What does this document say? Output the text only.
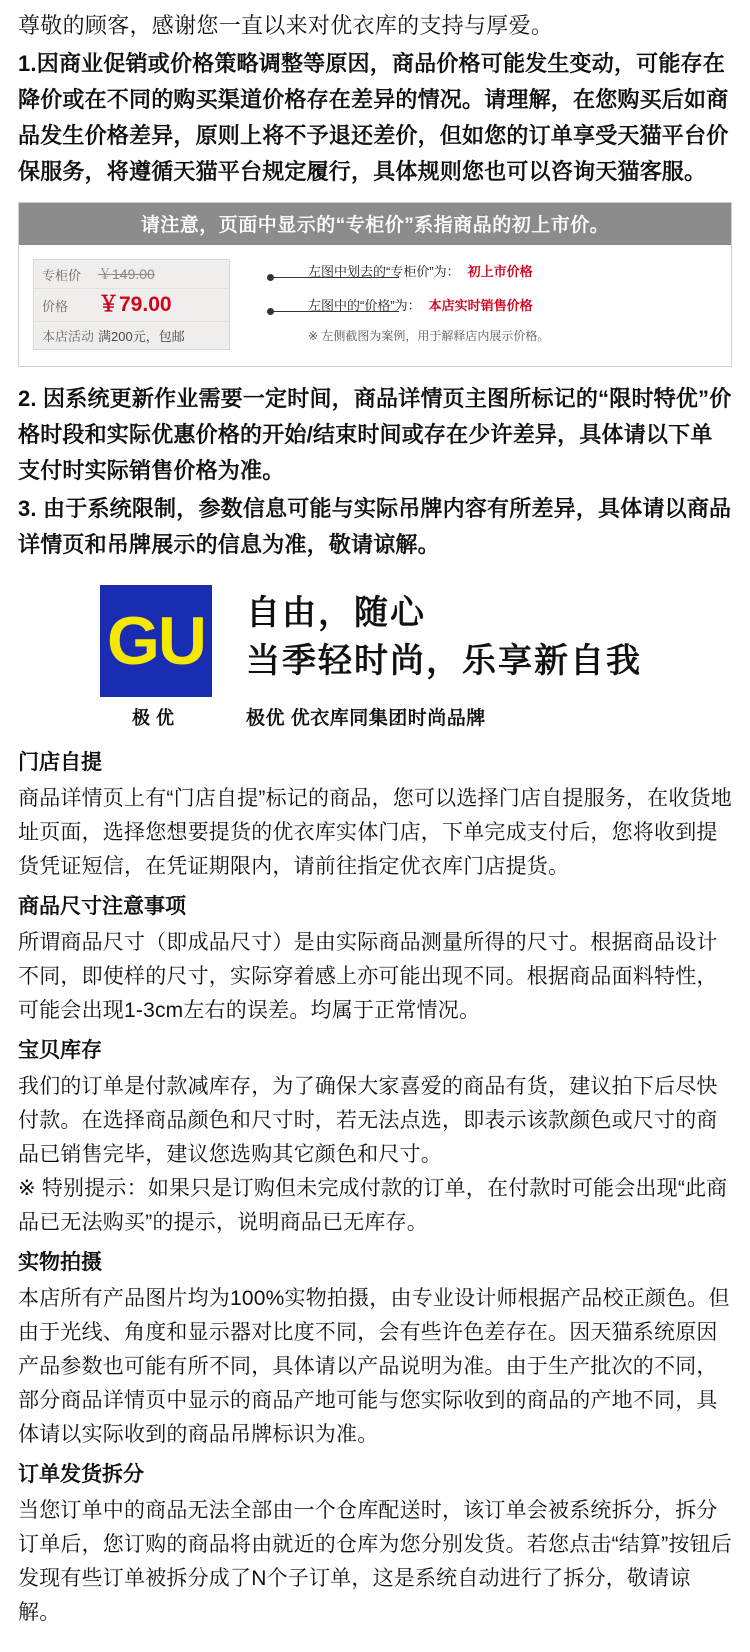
尊敬的顾客，感谢您一直以来对优衣库的支持与厚爱。

1.因商业促销或价格策略调整等原因，商品价格可能发生变动，可能存在降价或在不同的购买渠道价格存在差异的情况。请理解，在您购买后如商品发生价格差异，原则上将不予退还差价，但如您的订单享受天猫平台价保服务，将遵循天猫平台规定履行，具体规则您也可以咨询天猫客服。

请注意，页面中显示的“专柜价”系指商品的初上市价。
专柜价	￥149.00
价格	￥79.00
本店活动 满200元，包邮
左图中划去的“专柜价”为： 初上市价格
左图中的“价格”为： 本店实时销售价格
※ 左侧截图为案例，用于解释店内展示价格。

2. 因系统更新作业需要一定时间，商品详情页主图所标记的“限时特优”价格时段和实际优惠价格的开始/结束时间或存在少许差异，具体请以下单支付时实际销售价格为准。

3. 由于系统限制，参数信息可能与实际吊牌内容有所差异，具体请以商品详情页和吊牌展示的信息为准，敬请谅解。

GU 自由，随心
当季轻时尚，乐享新自我
极优	极优 优衣库同集团时尚品牌
门店自提
商品详情页上有“门店自提”标记的商品，您可以选择门店自提服务，在收货地址页面，选择您想要提货的优衣库实体门店，下单完成支付后，您将收到提货凭证短信，在凭证期限内，请前往指定优衣库门店提货。
商品尺寸注意事项
所谓商品尺寸（即成品尺寸）是由实际商品测量所得的尺寸。根据商品设计不同，即使样的尺寸，实际穿着感上亦可能出现不同。根据商品面料特性，可能会出现1-3cm左右的误差。均属于正常情况。
宝贝库存
我们的订单是付款减库存，为了确保大家喜爱的商品有货，建议拍下后尽快付款。在选择商品颜色和尺寸时，若无法点选，即表示该款颜色或尺寸的商品已销售完毕，建议您选购其它颜色和尺寸。
※ 特别提示：如果只是订购但未完成付款的订单，在付款时可能会出现“此商品已无法购买”的提示，说明商品已无库存。
实物拍摄
本店所有产品图片均为100%实物拍摄，由专业设计师根据产品校正颜色。但由于光线、角度和显示器对比度不同，会有些许色差存在。因天猫系统原因产品参数也可能有所不同，具体请以产品说明为准。由于生产批次的不同，部分商品详情页中显示的商品产地可能与您实际收到的商品的产地不同，具体请以实际收到的商品吊牌标识为准。
订单发货拆分
当您订单中的商品无法全部由一个仓库配送时，该订单会被系统拆分，拆分订单后，您订购的商品将由就近的仓库为您分别发货。若您点击“结算”按钮后发现有些订单被拆分成了N个子订单，这是系统自动进行了拆分，敬请谅解。
